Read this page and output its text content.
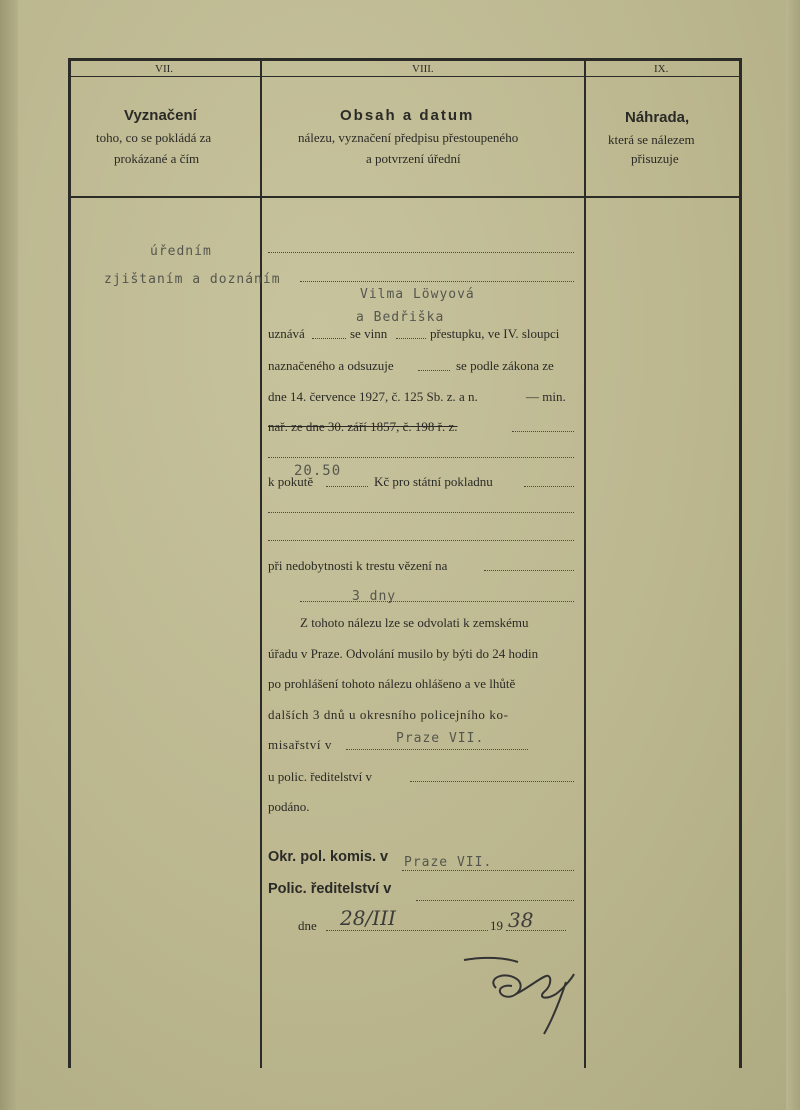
VII.
Vyznačení
toho, co se pokládá za
prokázané a čím
VIII.
Obsah a datum
nálezu, vyznačení předpisu přestoupeného
a potvrzení úřední
IX.
Náhrada,
která se nálezem
přisuzuje
úředním
zjištaním a doznáním
Vilma Löwyová
a Bedřiška
uznává	se vinn	přestupku, ve IV. sloupci
naznačeného a odsuzuje	se podle zákona ze
dne 14. července 1927, č. 125 Sb. z. a n.	— min.
nař. ze dne 30. září 1857, č. 198 ř. z.
k pokutě
20.50
Kč pro státní pokladnu
při nedobytnosti k trestu vězení na
3 dny
Z tohoto nálezu lze se odvolati k zemskému
úřadu v Praze. Odvolání musilo by býti do 24 hodin
po prohlášení tohoto nálezu ohlášeno a ve lhůtě
dalších 3 dnů u okresního policejního ko-
misařství v	Praze VII.
u polic. ředitelství v
podáno.
Okr. pol. komis. v Praze VII.
Polic. ředitelství v
dne 28/III	19 38
